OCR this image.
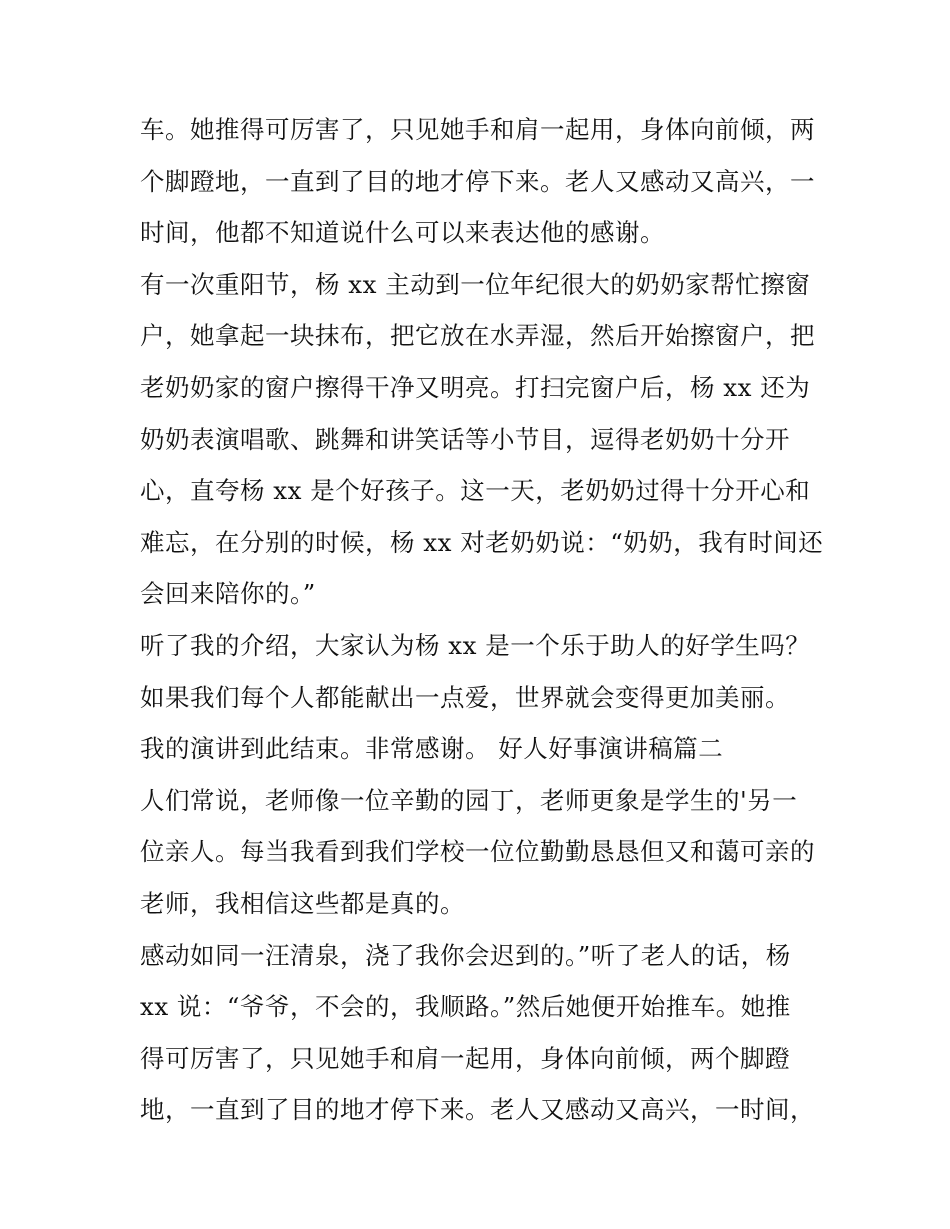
车。她推得可厉害了，只见她手和肩一起用，身体向前倾，两
个脚蹬地，一直到了目的地才停下来。老人又感动又高兴，一
时间，他都不知道说什么可以来表达他的感谢。
有一次重阳节，杨 xx 主动到一位年纪很大的奶奶家帮忙擦窗
户，她拿起一块抹布，把它放在水弄湿，然后开始擦窗户，把
老奶奶家的窗户擦得干净又明亮。打扫完窗户后，杨 xx 还为
奶奶表演唱歌、跳舞和讲笑话等小节目，逗得老奶奶十分开
心，直夸杨 xx 是个好孩子。这一天，老奶奶过得十分开心和
难忘，在分别的时候，杨 xx 对老奶奶说：“奶奶，我有时间还
会回来陪你的。”
听了我的介绍，大家认为杨 xx 是一个乐于助人的好学生吗？
如果我们每个人都能献出一点爱，世界就会变得更加美丽。
我的演讲到此结束。非常感谢。 好人好事演讲稿篇二
人们常说，老师像一位辛勤的园丁，老师更象是学生的'另一
位亲人。每当我看到我们学校一位位勤勤恳恳但又和蔼可亲的
老师，我相信这些都是真的。
感动如同一汪清泉，浇了我你会迟到的。”听了老人的话，杨
xx 说：“爷爷，不会的，我顺路。”然后她便开始推车。她推
得可厉害了，只见她手和肩一起用，身体向前倾，两个脚蹬
地，一直到了目的地才停下来。老人又感动又高兴，一时间，
